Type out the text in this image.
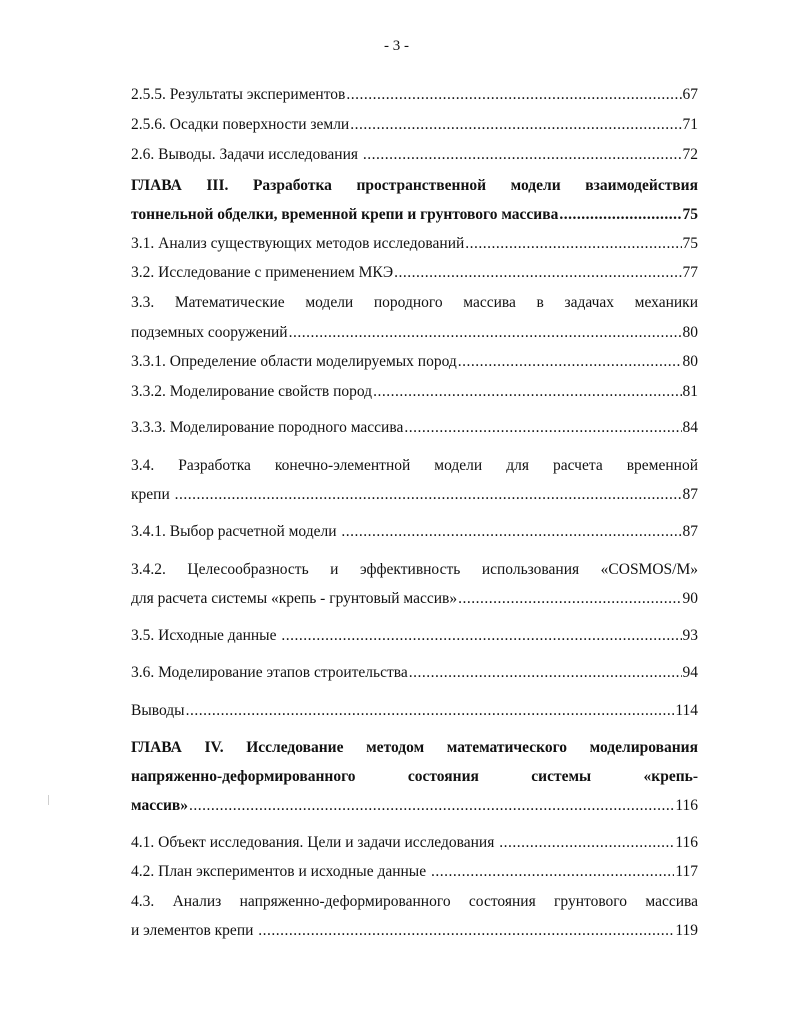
- 3 -
2.5.5. Результаты экспериментов .....	67
2.5.6. Осадки поверхности земли .....	71
2.6. Выводы. Задачи исследования .....	72
ГЛАВА III. Разработка пространственной модели взаимодействия
тоннельной обделки, временной крепи и грунтового массива .....	75
3.1. Анализ существующих методов исследований .....	75
3.2. Исследование с применением МКЭ .....	77
3.3. Математические модели породного массива в задачах механики
подземных сооружений .....	80
3.3.1. Определение области моделируемых пород .....	80
3.3.2. Моделирование свойств пород .....	81
3.3.3. Моделирование породного массива .....	84
3.4. Разработка конечно-элементной модели для расчета временной
крепи .....	87
3.4.1. Выбор расчетной модели .....	87
3.4.2. Целесообразность и эффективность использования «COSMOS/M»
для расчета системы «крепь - грунтовый массив» .....	90
3.5. Исходные данные .....	93
3.6. Моделирование этапов строительства .....	94
Выводы .....	114
ГЛАВА IV. Исследование методом математического моделирования
напряженно-деформированного состояния системы «крепь-
массив» .....	116
4.1. Объект исследования. Цели и задачи исследования .....	116
4.2. План экспериментов и исходные данные .....	117
4.3. Анализ напряженно-деформированного состояния грунтового массива
и элементов крепи .....	119
